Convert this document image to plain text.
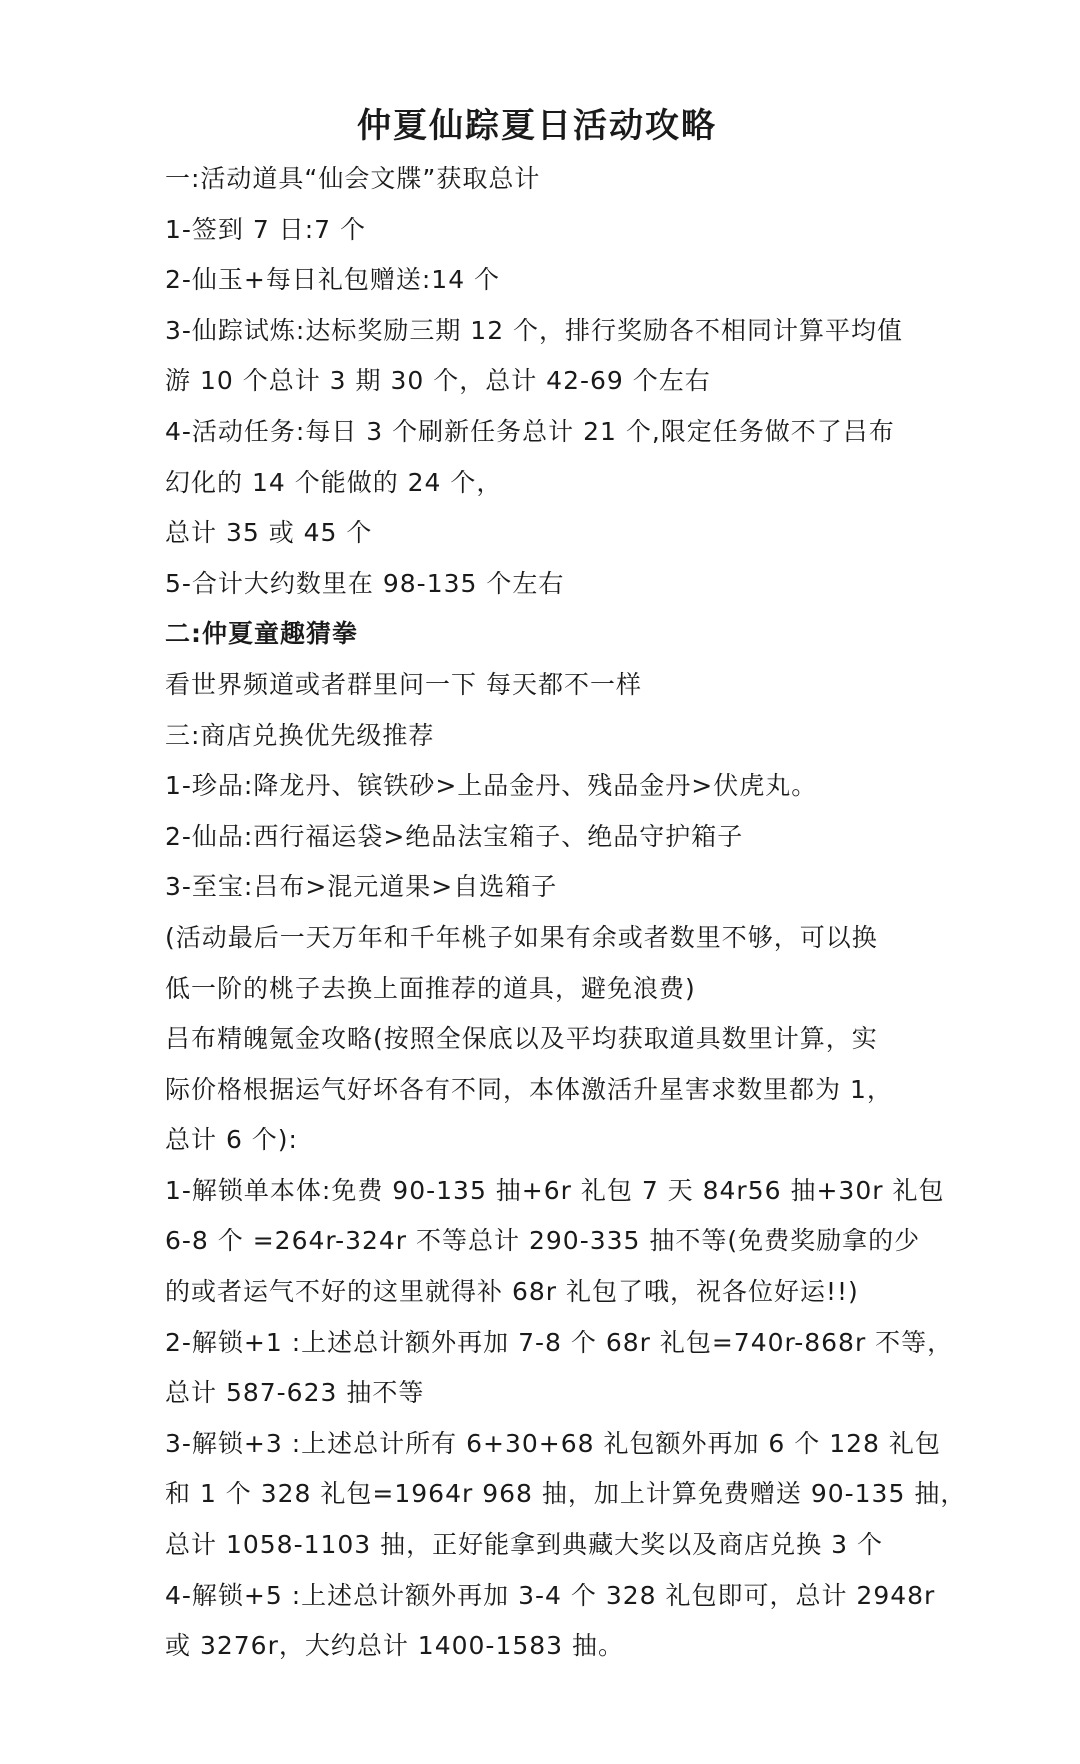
仲夏仙踪夏日活动攻略

一:活动道具“仙会文牒”获取总计

1-签到 7 日:7 个

2-仙玉+每日礼包赠送:14 个

3-仙踪试炼:达标奖励三期 12 个，排行奖励各不相同计算平均值

游 10 个总计 3 期 30 个，总计 42-69 个左右

4-活动任务:每日 3 个刷新任务总计 21 个,限定任务做不了吕布

幻化的 14 个能做的 24 个，

总计 35 或 45 个

5-合计大约数里在 98-135 个左右

二:仲夏童趣猜拳

看世界频道或者群里问一下 每天都不一样

三:商店兑换优先级推荐

1-珍品:降龙丹、镔铁砂>上品金丹、残品金丹>伏虎丸。

2-仙品:西行福运袋>绝品法宝箱子、绝品守护箱子

3-至宝:吕布>混元道果>自选箱子

(活动最后一天万年和千年桃子如果有余或者数里不够，可以换

低一阶的桃子去换上面推荐的道具，避免浪费)

吕布精魄氪金攻略(按照全保底以及平均获取道具数里计算，实

际价格根据运气好坏各有不同，本体激活升星害求数里都为 1，

总计 6 个):

1-解锁单本体:免费 90-135 抽+6r 礼包 7 天 84r56 抽+30r 礼包

6-8 个 =264r-324r 不等总计 290-335 抽不等(免费奖励拿的少

的或者运气不好的这里就得补 68r 礼包了哦，祝各位好运!!)

2-解锁+1 :上述总计额外再加 7-8 个 68r 礼包=740r-868r 不等，

总计 587-623 抽不等

3-解锁+3 :上述总计所有 6+30+68 礼包额外再加 6 个 128 礼包

和 1 个 328 礼包=1964r 968 抽，加上计算免费赠送 90-135 抽，

总计 1058-1103 抽，正好能拿到典藏大奖以及商店兑换 3 个

4-解锁+5 :上述总计额外再加 3-4 个 328 礼包即可，总计 2948r

或 3276r，大约总计 1400-1583 抽。
